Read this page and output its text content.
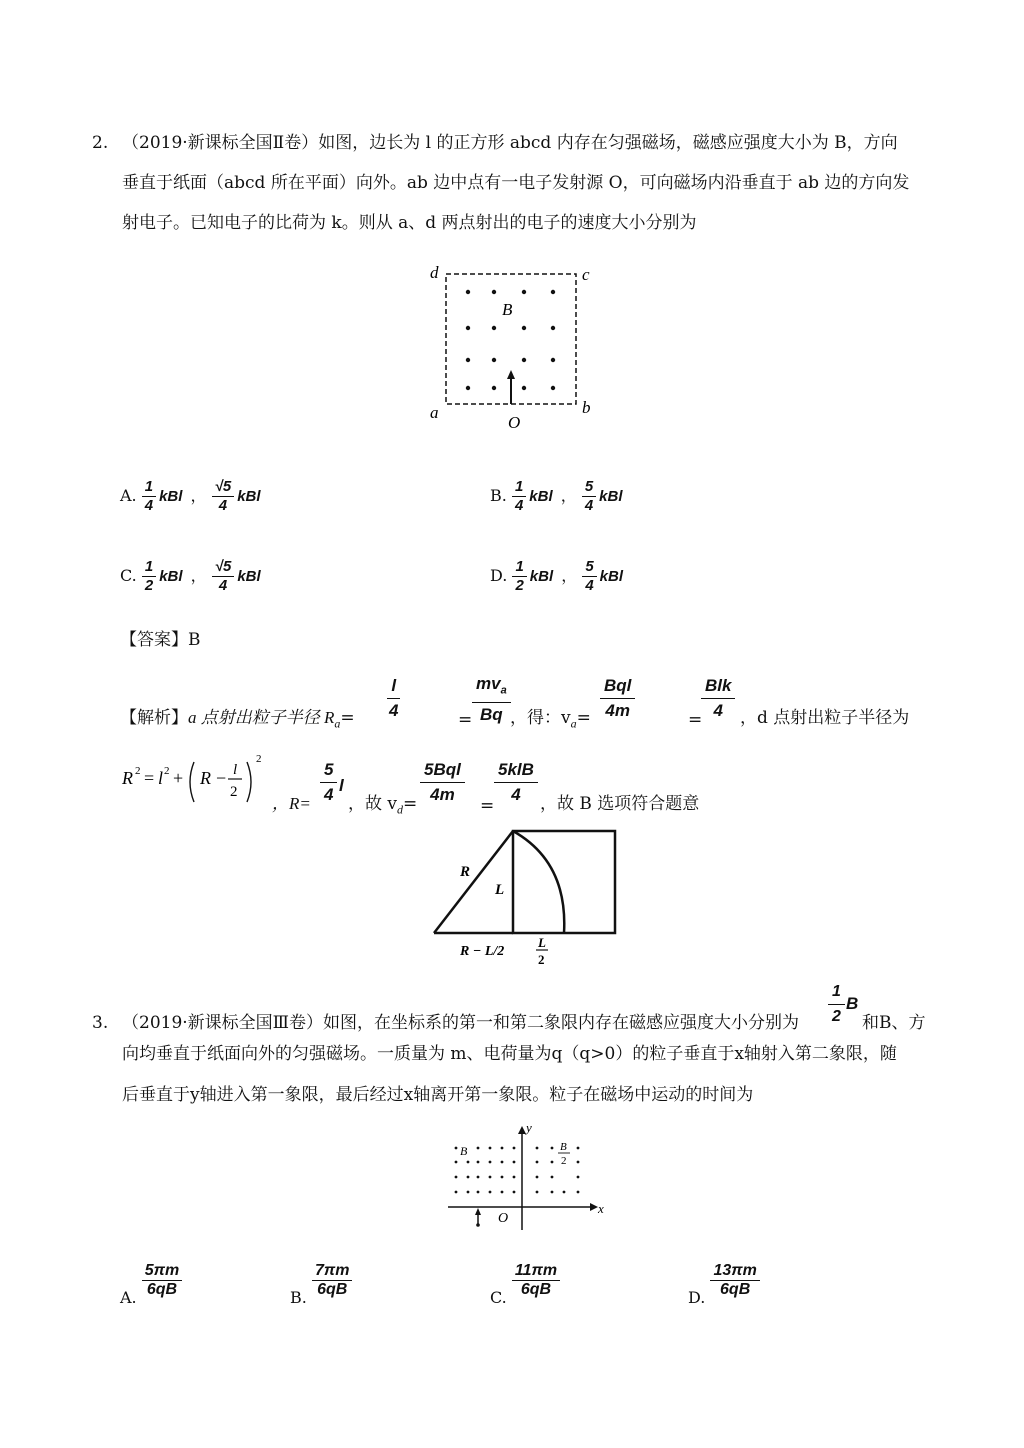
2. （2019·新课标全国Ⅱ卷）如图，边长为 l 的正方形 abcd 内存在匀强磁场，磁感应强度大小为 B，方向
垂直于纸面（abcd 所在平面）向外。ab 边中点有一电子发射源 O，可向磁场内沿垂直于 ab 边的方向发
射电子。已知电子的比荷为 k。则从 a、d 两点射出的电子的速度大小分别为
d	c
a	b
O
B
A. $\frac{1}{4}$ kBl ， $\frac{√5}{4}$ kBl	B. $\frac{1}{4}$ kBl ， $\frac{5}{4}$ kBl
C. $\frac{1}{2}$ kBl ， $\frac{√5}{4}$ kBl	D. $\frac{1}{2}$ kBl ， $\frac{5}{4}$ kBl
【答案】B
【解析】a 点射出粒子半径 $R_a= \frac{l}{4}$	=
$mv_a$
Bq ，得：$v_a=$
Bql
4m	=
Blk
4 ，d 点射出粒子半径为
R 2 = l 2 + R − l
2
2
，$R= \frac{5}{4}$ l
，故 $v_d=$
5Bql
4m
=
5klB
4 ，故 B 选项符合题意
R
L
R − L/2
L
2
3. （2019·新课标全国Ⅲ卷）如图，在坐标系的第一和第二象限内存在磁感应强度大小分别为 $\frac{1}{2}$ B
和B、方
向均垂直于纸面向外的匀强磁场。一质量为 m、电荷量为q（q>0）的粒子垂直于x轴射入第二象限，随
后垂直于y轴进入第一象限，最后经过x轴离开第一象限。粒子在磁场中运动的时间为
x
y
O
B	B
2
A. $\frac{5\pi m}{6qB}$	B. $\frac{7\pi m}{6qB}$	C. $\frac{11\pi m}{6qB}$	D. $\frac{13\pi m}{6qB}$
